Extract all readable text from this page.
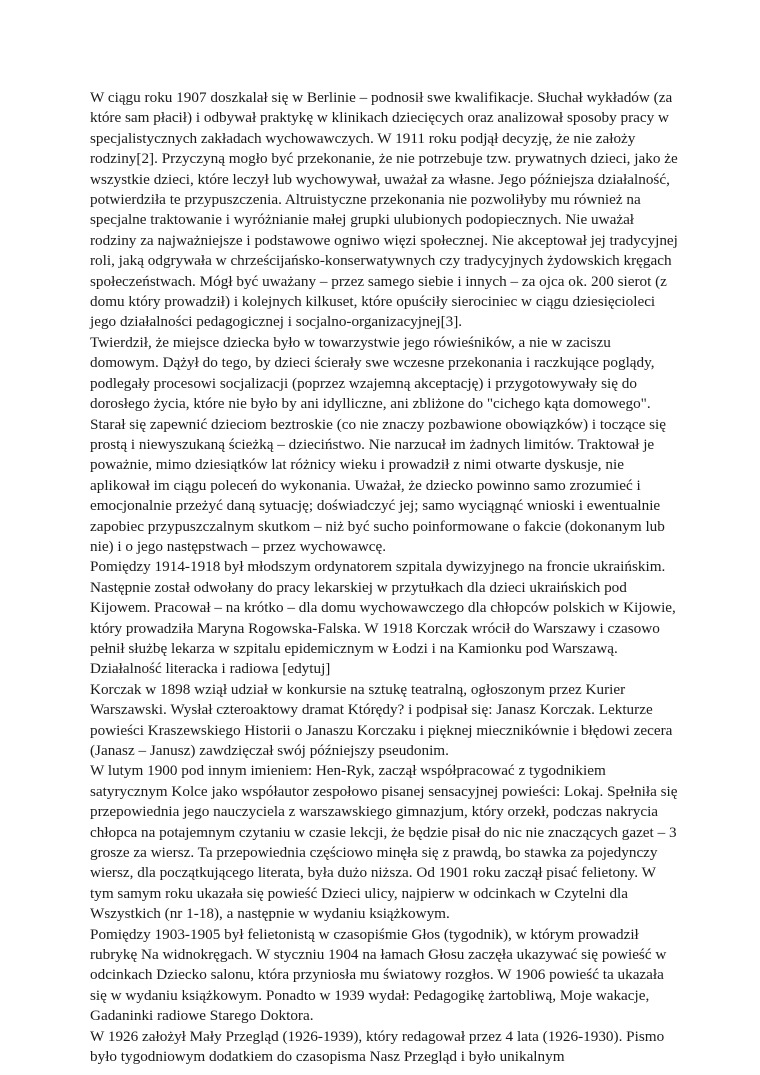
W ciągu roku 1907 doszkalał się w Berlinie – podnosił swe kwalifikacje. Słuchał wykładów (za które sam płacił) i odbywał praktykę w klinikach dziecięcych oraz analizował sposoby pracy w specjalistycznych zakładach wychowawczych. W 1911 roku podjął decyzję, że nie założy rodziny[2]. Przyczyną mogło być przekonanie, że nie potrzebuje tzw. prywatnych dzieci, jako że wszystkie dzieci, które leczył lub wychowywał, uważał za własne. Jego późniejsza działalność, potwierdziła te przypuszczenia. Altruistyczne przekonania nie pozwoliłyby mu również na specjalne traktowanie i wyróżnianie małej grupki ulubionych podopiecznych. Nie uważał rodziny za najważniejsze i podstawowe ogniwo więzi społecznej. Nie akceptował jej tradycyjnej roli, jaką odgrywała w chrześcijańsko-konserwatywnych czy tradycyjnych żydowskich kręgach społeczeństwach. Mógł być uważany – przez samego siebie i innych – za ojca ok. 200 sierot (z domu który prowadził) i kolejnych kilkuset, które opuściły sierociniec w ciągu dziesięcioleci jego działalności pedagogicznej i socjalno-organizacyjnej[3].

Twierdził, że miejsce dziecka było w towarzystwie jego rówieśników, a nie w zaciszu domowym. Dążył do tego, by dzieci ścierały swe wczesne przekonania i raczkujące poglądy, podlegały procesowi socjalizacji (poprzez wzajemną akceptację) i przygotowywały się do dorosłego życia, które nie było by ani idylliczne, ani zbliżone do "cichego kąta domowego". Starał się zapewnić dzieciom beztroskie (co nie znaczy pozbawione obowiązków) i toczące się prostą i niewyszukaną ścieżką – dzieciństwo. Nie narzucał im żadnych limitów. Traktował je poważnie, mimo dziesiątków lat różnicy wieku i prowadził z nimi otwarte dyskusje, nie aplikował im ciągu poleceń do wykonania. Uważał, że dziecko powinno samo zrozumieć i emocjonalnie przeżyć daną sytuację; doświadczyć jej; samo wyciągnąć wnioski i ewentualnie zapobiec przypuszczalnym skutkom – niż być sucho poinformowane o fakcie (dokonanym lub nie) i o jego następstwach – przez wychowawcę.

Pomiędzy 1914-1918 był młodszym ordynatorem szpitala dywizyjnego na froncie ukraińskim. Następnie został odwołany do pracy lekarskiej w przytułkach dla dzieci ukraińskich pod Kijowem. Pracował – na krótko – dla domu wychowawczego dla chłopców polskich w Kijowie, który prowadziła Maryna Rogowska-Falska. W 1918 Korczak wrócił do Warszawy i czasowo pełnił służbę lekarza w szpitalu epidemicznym w Łodzi i na Kamionku pod Warszawą.

Działalność literacka i radiowa [edytuj]

Korczak w 1898 wziął udział w konkursie na sztukę teatralną, ogłoszonym przez Kurier Warszawski. Wysłał czteroaktowy dramat Którędy? i podpisał się: Janasz Korczak. Lekturze powieści Kraszewskiego Historii o Janaszu Korczaku i pięknej miecznikównie i błędowi zecera (Janasz – Janusz) zawdzięczał swój późniejszy pseudonim.

W lutym 1900 pod innym imieniem: Hen-Ryk, zaczął współpracować z tygodnikiem satyrycznym Kolce jako współautor zespołowo pisanej sensacyjnej powieści: Lokaj. Spełniła się przepowiednia jego nauczyciela z warszawskiego gimnazjum, który orzekł, podczas nakrycia chłopca na potajemnym czytaniu w czasie lekcji, że będzie pisał do nic nie znaczących gazet – 3 grosze za wiersz. Ta przepowiednia częściowo minęła się z prawdą, bo stawka za pojedynczy wiersz, dla początkującego literata, była dużo niższa. Od 1901 roku zaczął pisać felietony. W tym samym roku ukazała się powieść Dzieci ulicy, najpierw w odcinkach w Czytelni dla Wszystkich (nr 1-18), a następnie w wydaniu książkowym.

Pomiędzy 1903-1905 był felietonistą w czasopiśmie Głos (tygodnik), w którym prowadził rubrykę Na widnokręgach. W styczniu 1904 na łamach Głosu zaczęła ukazywać się powieść w odcinkach Dziecko salonu, która przyniosła mu światowy rozgłos. W 1906 powieść ta ukazała się w wydaniu książkowym. Ponadto w 1939 wydał: Pedagogikę żartobliwą, Moje wakacje, Gadaninki radiowe Starego Doktora.

W 1926 założył Mały Przegląd (1926-1939), który redagował przez 4 lata (1926-1930). Pismo było tygodniowym dodatkiem do czasopisma Nasz Przegląd i było unikalnym
